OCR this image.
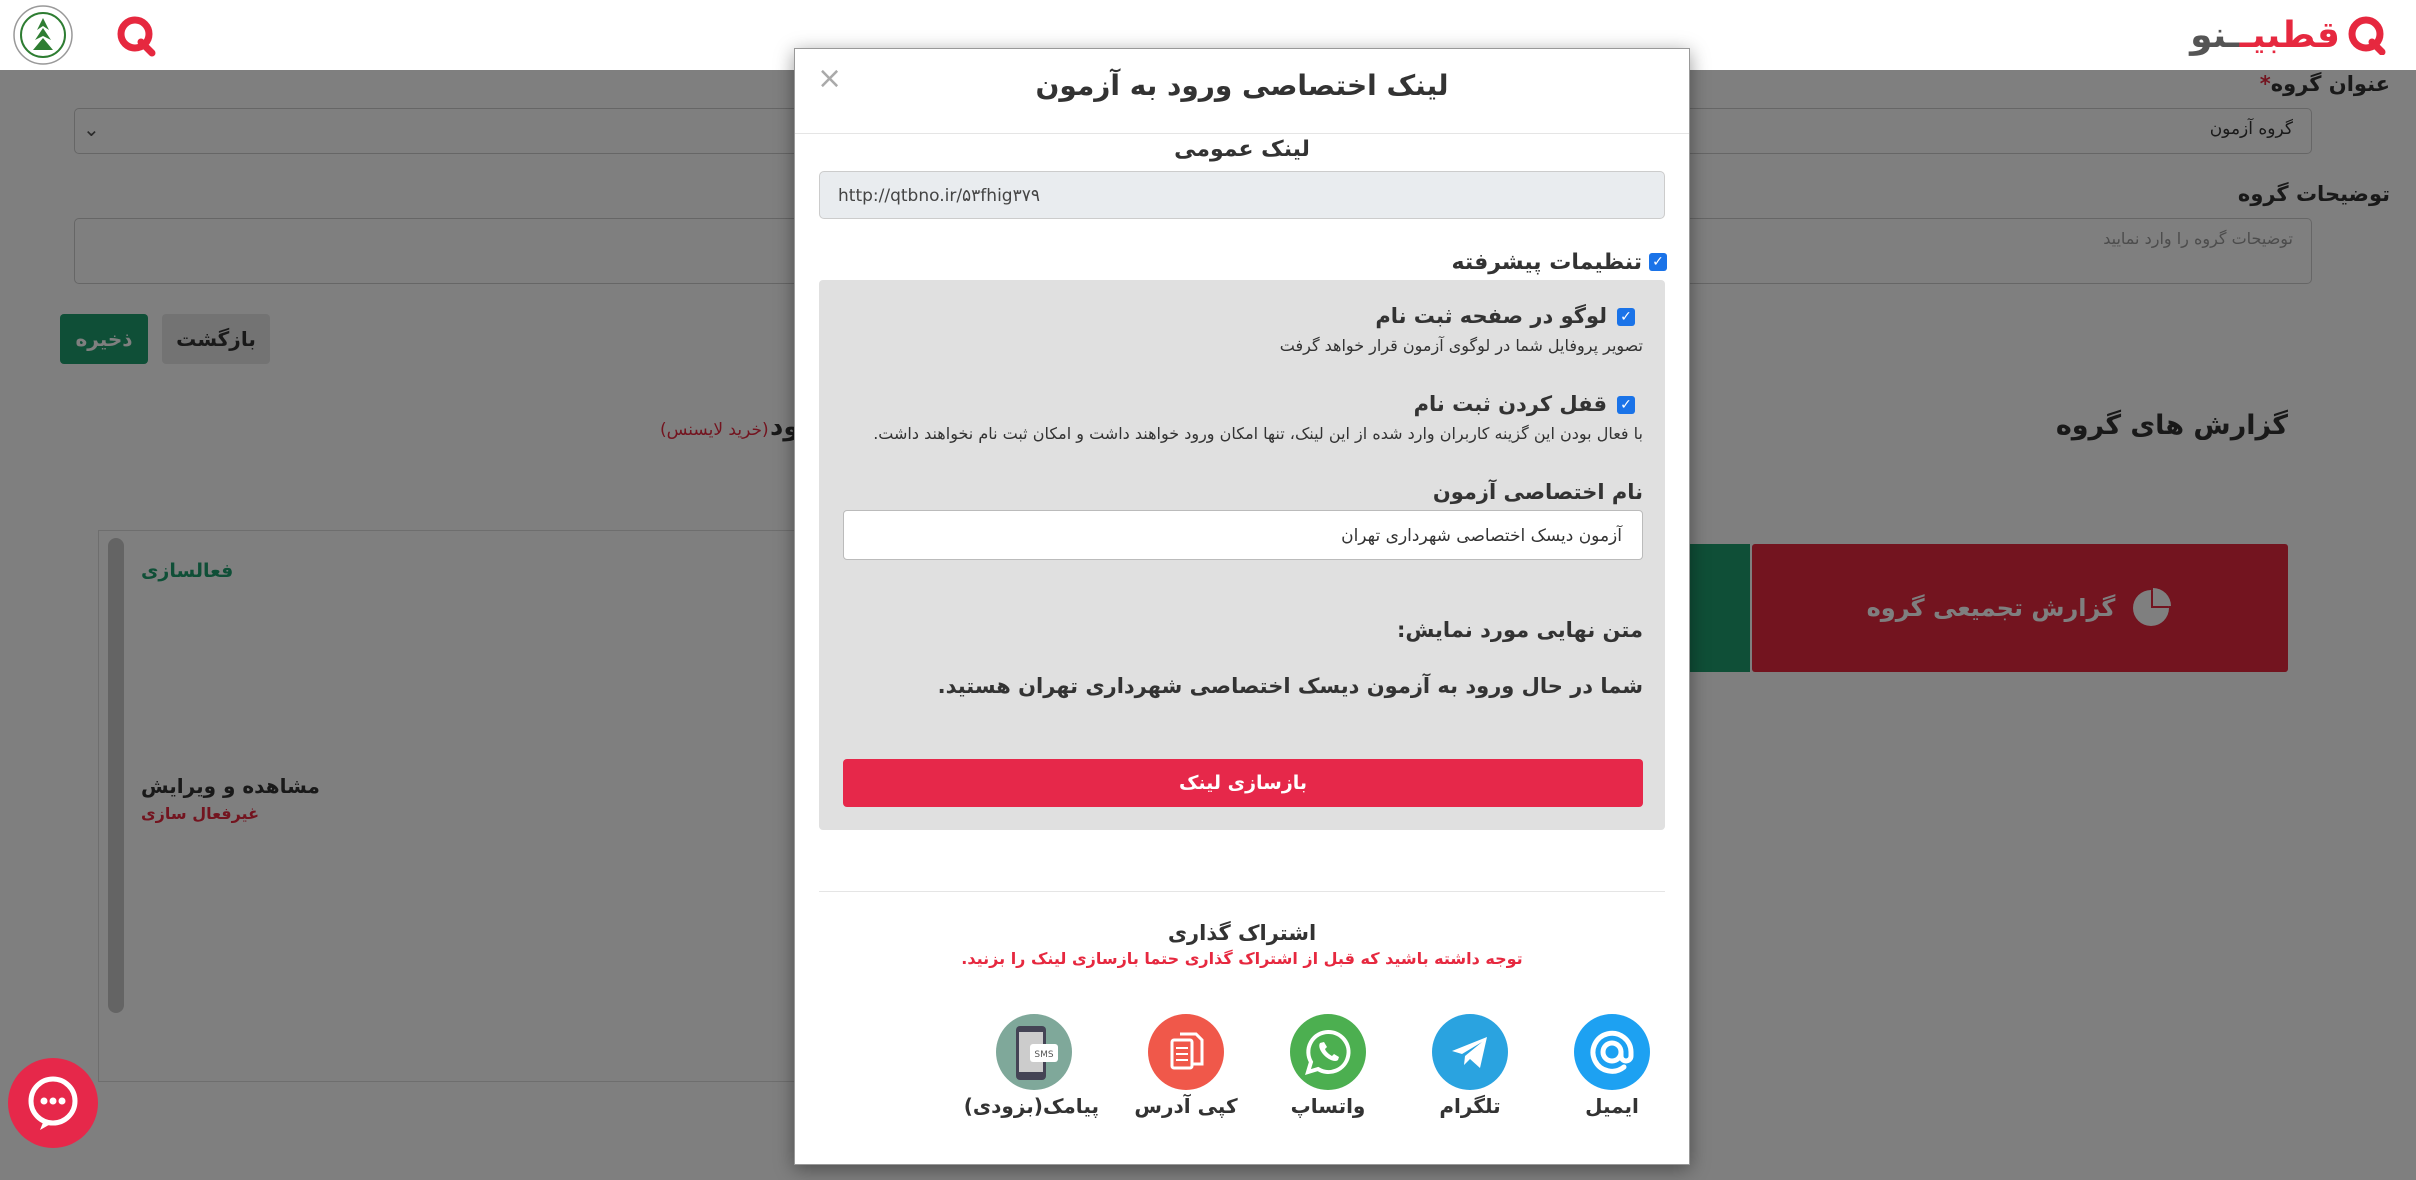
قطبیــنو
×	لینک اختصاصی ورود به آزمون
لینک عمومی
http://qtbno.ir/۵۳fhig۳۷۹
✓
تنظیمات پیشرفته
✓
لوگو در صفحه ثبت نام
تصویر پروفایل شما در لوگوی آزمون قرار خواهد گرفت
✓
قفل کردن ثبت نام
با فعال بودن این گزینه کاربران وارد شده از این لینک، تنها امکان ورود خواهند داشت و امکان ثبت نام نخواهند داشت.
نام اختصاصی آزمون
آزمون دیسک اختصاصی شهرداری تهران
متن نهایی مورد نمایش:
شما در حال ورود به آزمون دیسک اختصاصی شهرداری تهران هستید.
بازسازی لینک
اشتراک گذاری
توجه داشته باشید که قبل از اشتراک گذاری حتما بازسازی لینک را بزنید.
ایمیل
تلگرام
واتساپ
کپی آدرس
SMS
پیامک(بزودی)
